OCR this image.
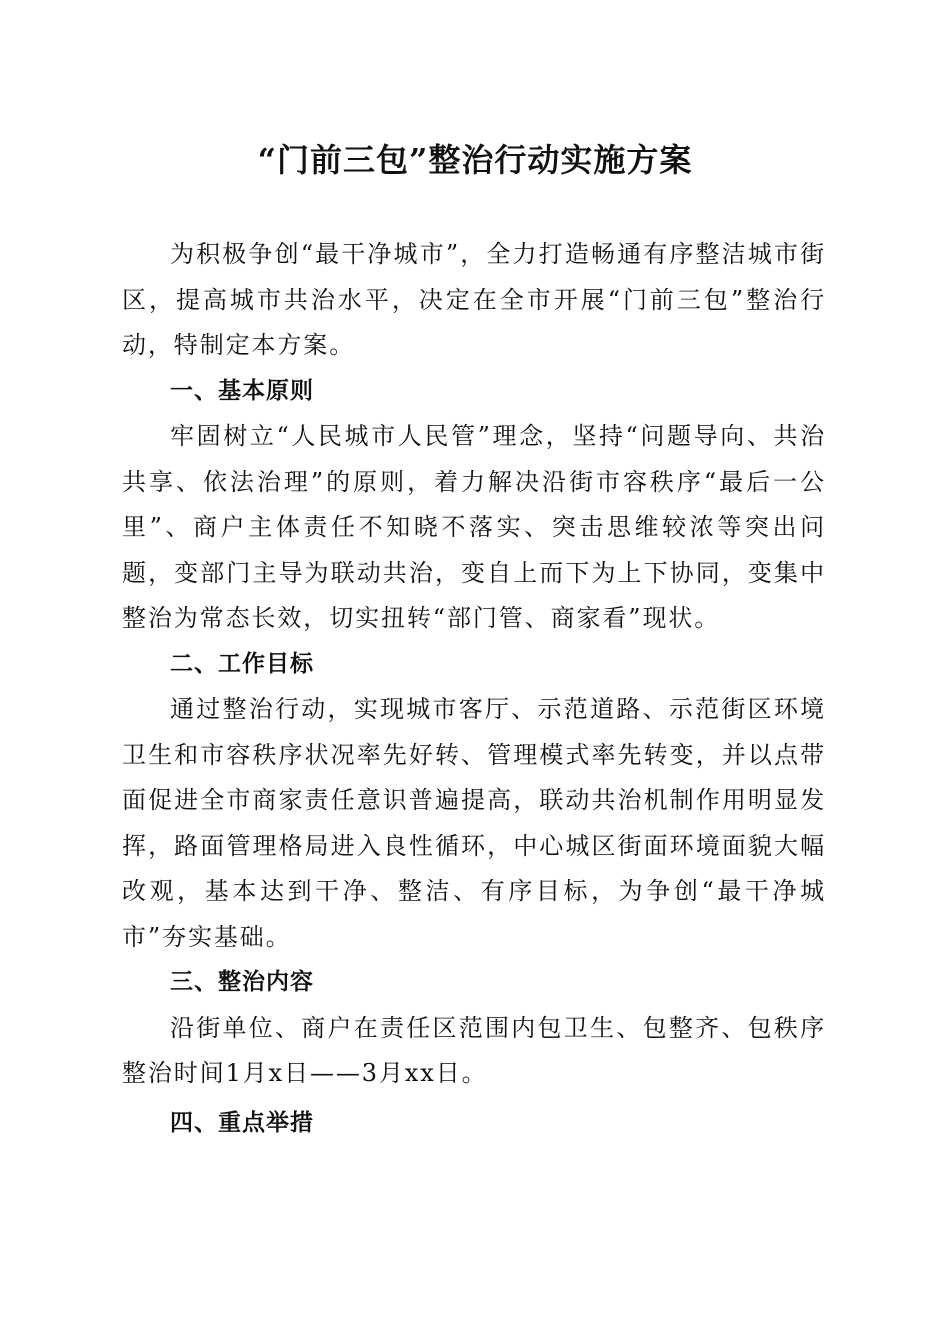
“门前三包”整治行动实施方案

为积极争创“最干净城市”，全力打造畅通有序整洁城市街区，提高城市共治水平，决定在全市开展“门前三包”整治行动，特制定本方案。

一、基本原则

牢固树立“人民城市人民管”理念，坚持“问题导向、共治共享、依法治理”的原则，着力解决沿街市容秩序“最后一公里”、商户主体责任不知晓不落实、突击思维较浓等突出问题，变部门主导为联动共治，变自上而下为上下协同，变集中整治为常态长效，切实扭转“部门管、商家看”现状。

二、工作目标

通过整治行动，实现城市客厅、示范道路、示范街区环境卫生和市容秩序状况率先好转、管理模式率先转变，并以点带面促进全市商家责任意识普遍提高，联动共治机制作用明显发挥，路面管理格局进入良性循环，中心城区街面环境面貌大幅改观，基本达到干净、整洁、有序目标，为争创“最干净城市”夯实基础。

三、整治内容

沿街单位、商户在责任区范围内包卫生、包整齐、包秩序整治时间1月x日——3月xx日。

四、重点举措
